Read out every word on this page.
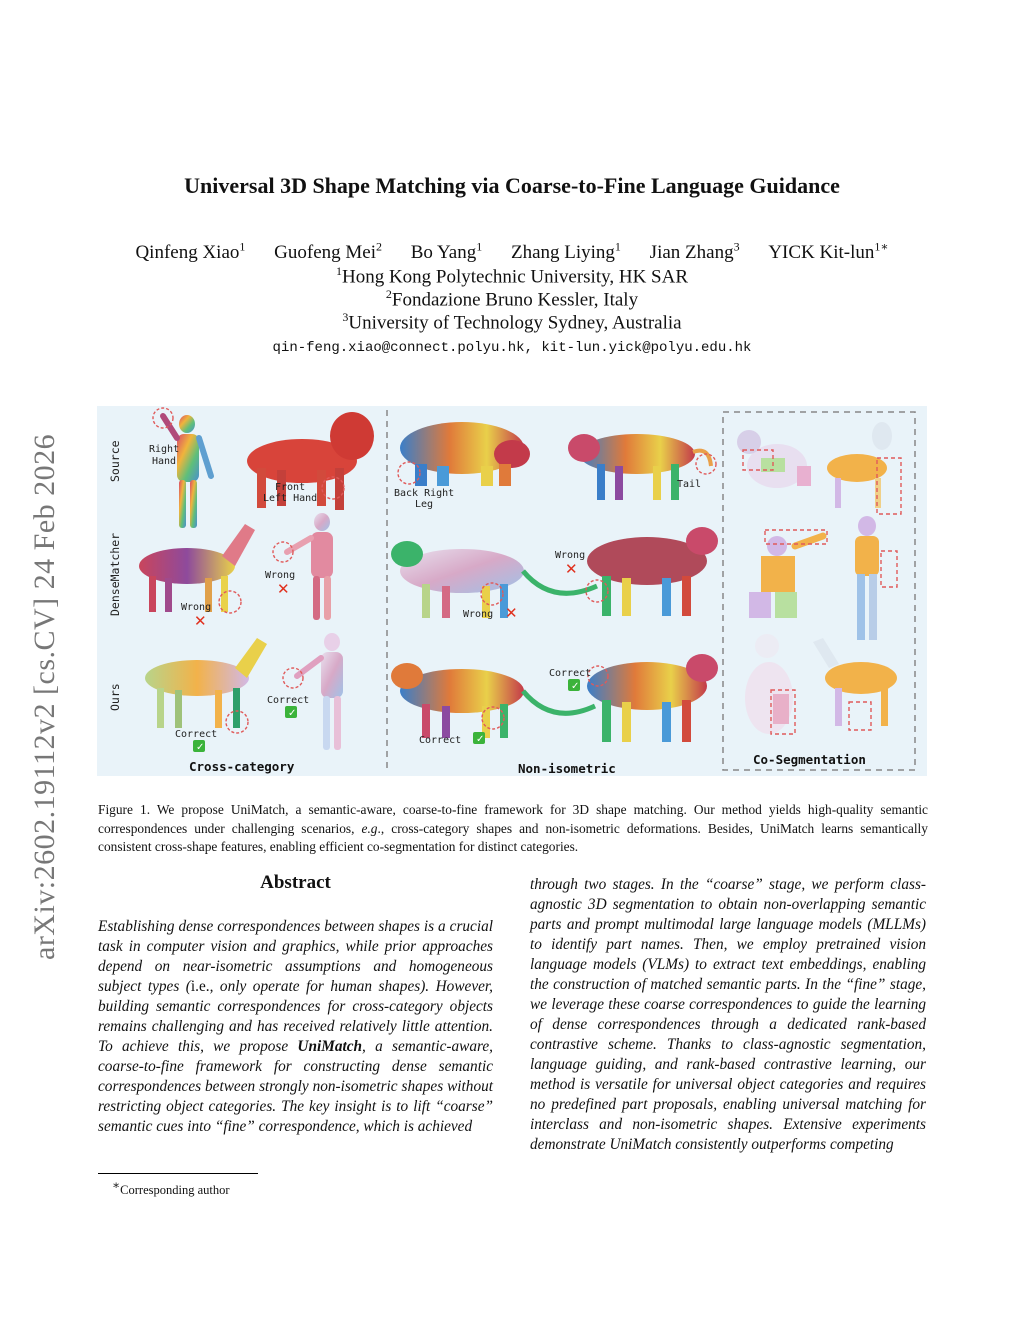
Universal 3D Shape Matching via Coarse-to-Fine Language Guidance
Qinfeng Xiao$^1$ Guofeng Mei$^2$ Bo Yang$^1$ Zhang Liying$^1$ Jian Zhang$^3$ YICK Kit-lun$^{1∗}$
$^1$Hong Kong Polytechnic University, HK SAR
$^2$Fondazione Bruno Kessler, Italy
$^3$University of Technology Sydney, Australia
qin-feng.xiao@connect.polyu.hk, kit-lun.yick@polyu.edu.hk
arXiv:2602.19112v2 [cs.CV] 24 Feb 2026	Source
DenseMatcher
Ours
Right
Hand
Front
Left Hand
Wrong
✕
Wrong
✕
Correct
✓
Correct
✓
Cross-category
Back Right
Leg
Tail
Wrong ✕
Wrong
✕
Correct ✓
Correct
✓
Non-isometric
Co-Segmentation
Figure 1. We propose UniMatch, a semantic-aware, coarse-to-fine framework for 3D shape matching. Our method yields high-quality semantic correspondences under challenging scenarios, e.g., cross-category shapes and non-isometric deformations. Besides, UniMatch learns semantically consistent cross-shape features, enabling efficient co-segmentation for distinct categories.
Abstract
Establishing dense correspondences between shapes is a crucial task in computer vision and graphics, while prior approaches depend on near-isometric assumptions and homogeneous subject types (i.e., only operate for human shapes). However, building semantic correspondences for cross-category objects remains challenging and has received relatively little attention. To achieve this, we propose UniMatch, a semantic-aware, coarse-to-fine framework for constructing dense semantic correspondences between strongly non-isometric shapes without restricting object categories. The key insight is to lift “coarse” semantic cues into “fine” correspondence, which is achieved
through two stages. In the “coarse” stage, we perform class-agnostic 3D segmentation to obtain non-overlapping semantic parts and prompt multimodal large language models (MLLMs) to identify part names. Then, we employ pretrained vision language models (VLMs) to extract text embeddings, enabling the construction of matched semantic parts. In the “fine” stage, we leverage these coarse correspondences to guide the learning of dense correspondences through a dedicated rank-based contrastive scheme. Thanks to class-agnostic segmentation, language guiding, and rank-based contrastive learning, our method is versatile for universal object categories and requires no predefined part proposals, enabling universal matching for interclass and non-isometric shapes. Extensive experiments demonstrate UniMatch consistently outperforms competing
∗Corresponding author
